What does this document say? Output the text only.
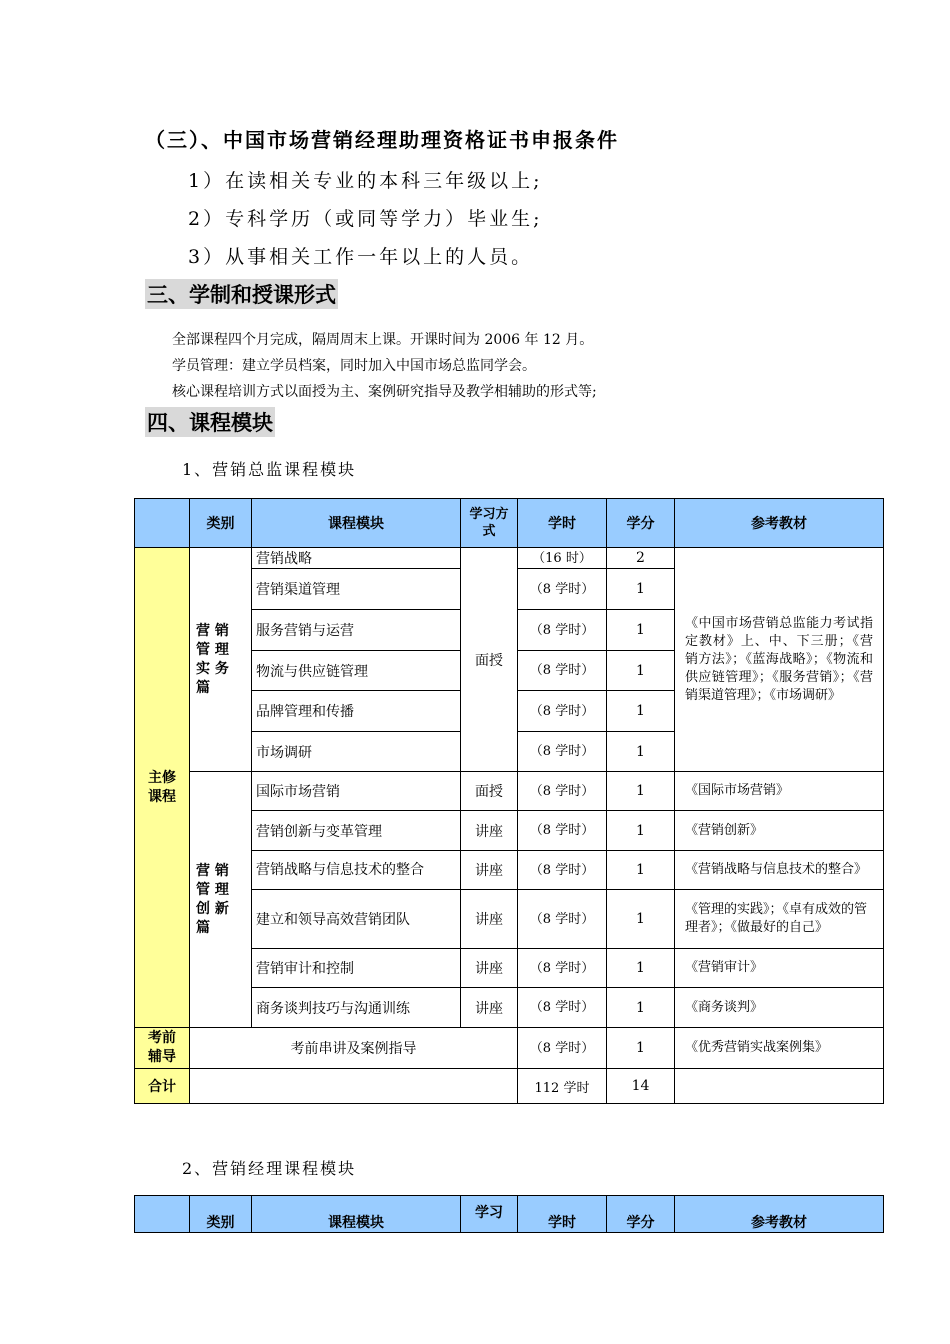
（三）、中国市场营销经理助理资格证书申报条件
1）在读相关专业的本科三年级以上;
2）专科学历（或同等学力）毕业生;
3）从事相关工作一年以上的人员。
三、学制和授课形式
全部课程四个月完成，隔周周末上课。开课时间为 2006 年 12 月。
学员管理：建立学员档案，同时加入中国市场总监同学会。
核心课程培训方式以面授为主、案例研究指导及教学相辅助的形式等;
四、课程模块
1、营销总监课程模块
	类别	课程模块	学习方式	学时	学分	参考教材
主修课程	营 销 管 理 实 务 篇	营销战略	面授	（16 时）	2	《中国市场营销总监能力考试指定教材》上、中、下三册；《营销方法》；《蓝海战略》；《物流和供应链管理》；《服务营销》；《营销渠道管理》；《市场调研》
		营销渠道管理		（8 学时）	1	
		服务营销与运营		（8 学时）	1	
		物流与供应链管理		（8 学时）	1	
		品牌管理和传播		（8 学时）	1	
		市场调研		（8 学时）	1	
	营 销 管 理 创 新 篇	国际市场营销	面授	（8 学时）	1	《国际市场营销》
		营销创新与变革管理	讲座	（8 学时）	1	《营销创新》
		营销战略与信息技术的整合	讲座	（8 学时）	1	《营销战略与信息技术的整合》
		建立和领导高效营销团队	讲座	（8 学时）	1	《管理的实践》；《卓有成效的管理者》；《做最好的自己》
		营销审计和控制	讲座	（8 学时）	1	《营销审计》
		商务谈判技巧与沟通训练	讲座	（8 学时）	1	《商务谈判》
考前辅导	考前串讲及案例指导			（8 学时）	1	《优秀营销实战案例集》
合计				112 学时	14	
2、营销经理课程模块
	类别	课程模块	学习	学时	学分	参考教材
